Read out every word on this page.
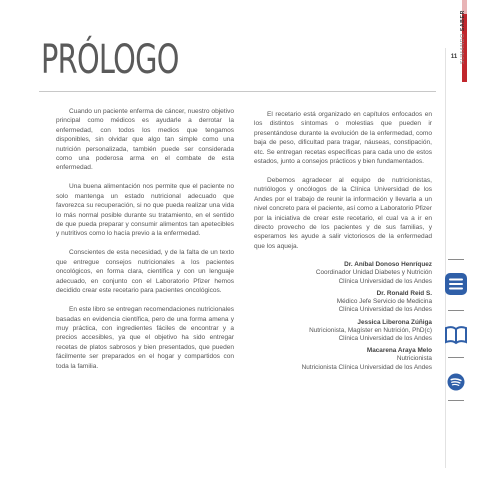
PRÓLOGO	11 SUMANDO SABER

Cuando un paciente enferma de cáncer, nuestro objetivo principal como médicos es ayudarle a derrotar la enfermedad, con todos los medios que tengamos disponibles, sin olvidar que algo tan simple como una nutrición personalizada, también puede ser considerada como una poderosa arma en el combate de esta enfermedad.

Una buena alimentación nos permite que el paciente no solo mantenga un estado nutricional adecuado que favorezca su recuperación, si no que pueda realizar una vida lo más normal posible durante su tratamiento, en el sentido de que pueda preparar y consumir alimentos tan apetecibles y nutritivos como lo hacía previo a la enfermedad.

Conscientes de esta necesidad, y de la falta de un texto que entregue consejos nutricionales a los pacientes oncológicos, en forma clara, científica y con un lenguaje adecuado, en conjunto con el Laboratorio Pfizer hemos decidido crear este recetario para pacientes oncológicos.

En este libro se entregan recomendaciones nutricionales basadas en evidencia científica, pero de una forma amena y muy práctica, con ingredientes fáciles de encontrar y a precios accesibles, ya que el objetivo ha sido entregar recetas de platos sabrosos y bien presentados, que pueden fácilmente ser preparados en el hogar y compartidos con toda la familia.

El recetario está organizado en capítulos enfocados en los distintos síntomas o molestias que pueden ir presentándose durante la evolución de la enfermedad, como baja de peso, dificultad para tragar, náuseas, constipación, etc. Se entregan recetas específicas para cada uno de estos estados, junto a consejos prácticos y bien fundamentados.

Debemos agradecer al equipo de nutricionistas, nutriólogos y oncólogos de la Clínica Universidad de los Andes por el trabajo de reunir la información y llevarla a un nivel concreto para el paciente, así como a Laboratorio Pfizer por la iniciativa de crear este recetario, el cual va a ir en directo provecho de los pacientes y de sus familias, y esperamos les ayude a salir victoriosos de la enfermedad que los aqueja.

Dr. Aníbal Donoso Henríquez
Coordinador Unidad Diabetes y Nutrición
Clínica Universidad de los Andes
Dr. Ronald Reid S.
Médico Jefe Servicio de Medicina
Clínica Universidad de los Andes
Jessica Liberona Zúñiga
Nutricionista, Magíster en Nutrición, PhD(c)
Clínica Universidad de los Andes
Macarena Araya Melo
Nutricionista
Nutricionista Clínica Universidad de los Andes
